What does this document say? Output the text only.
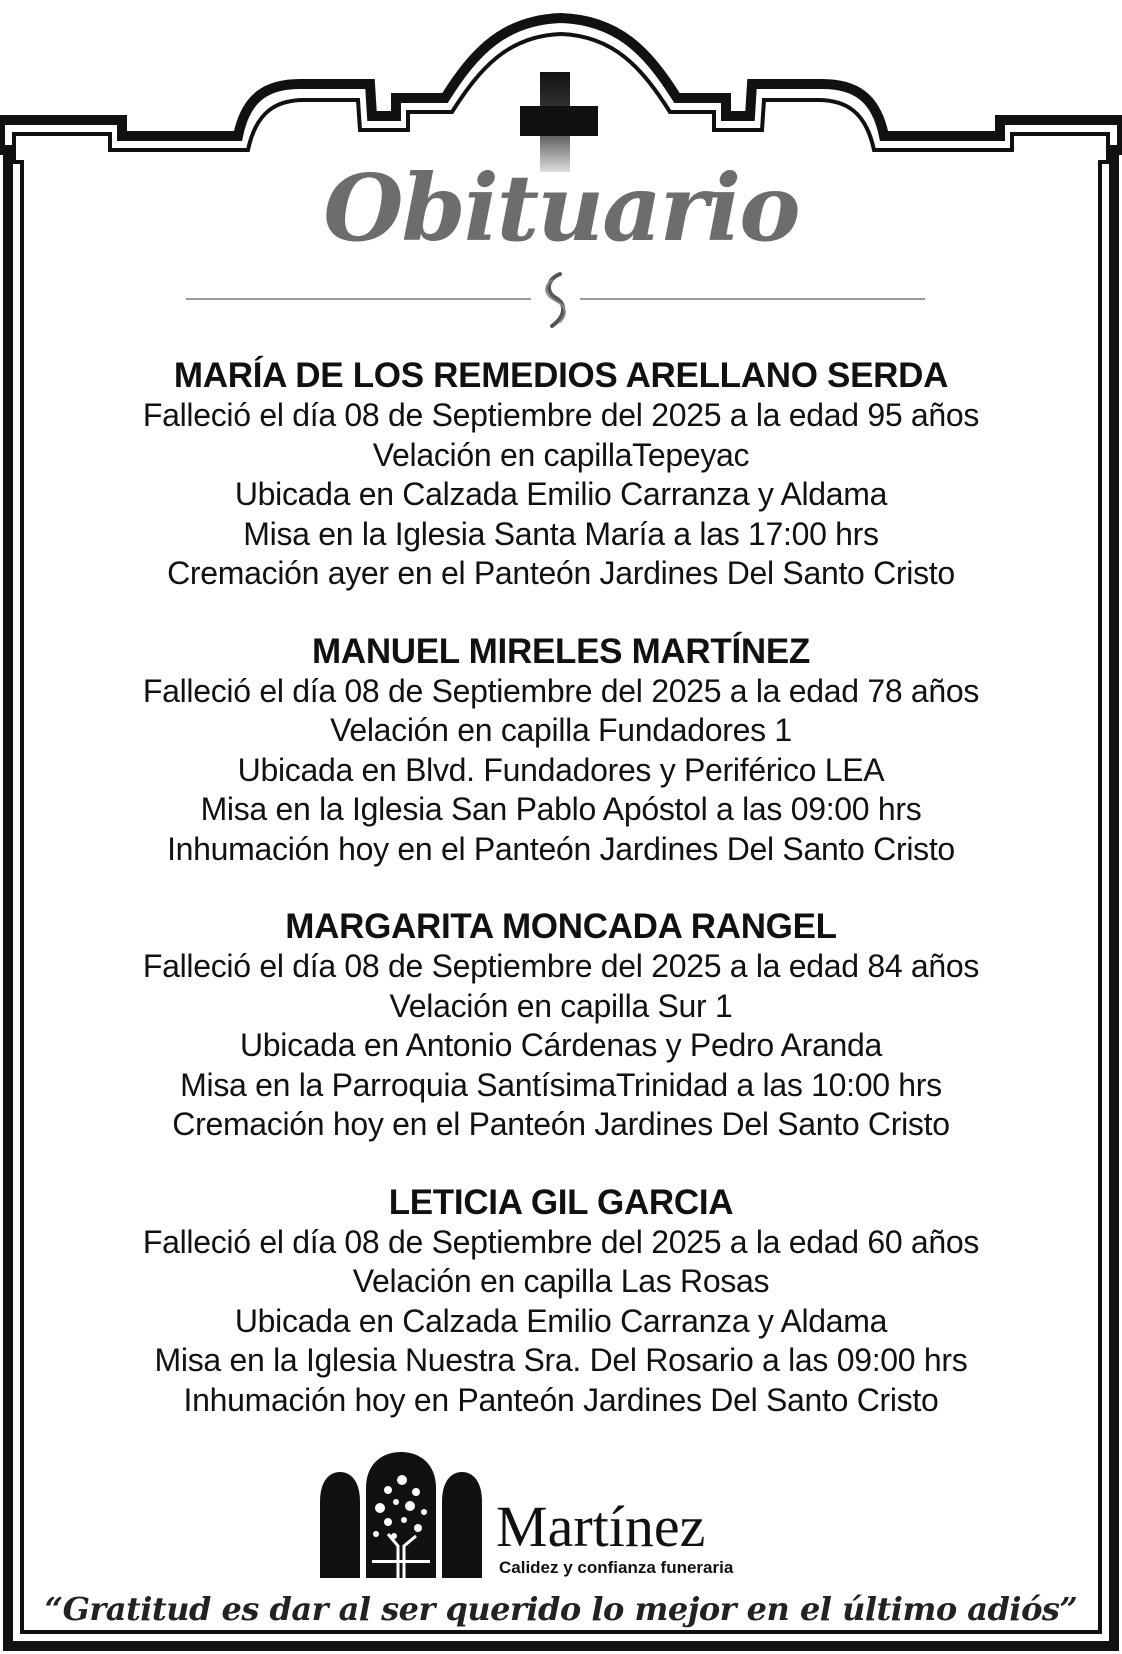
Obituario
MARÍA DE LOS REMEDIOS ARELLANO SERDA
Falleció el día 08 de Septiembre del 2025 a la edad 95 años
Velación en capillaTepeyac
Ubicada en Calzada Emilio Carranza y Aldama
Misa en la Iglesia Santa María a las 17:00 hrs
Cremación ayer en el Panteón Jardines Del Santo Cristo
MANUEL MIRELES MARTÍNEZ
Falleció el día 08 de Septiembre del 2025 a la edad 78 años
Velación en capilla Fundadores 1
Ubicada en Blvd. Fundadores y Periférico LEA
Misa en la Iglesia San Pablo Apóstol a las 09:00 hrs
Inhumación hoy en el Panteón Jardines Del Santo Cristo
MARGARITA MONCADA RANGEL
Falleció el día 08 de Septiembre del 2025 a la edad 84 años
Velación en capilla Sur 1
Ubicada en Antonio Cárdenas y Pedro Aranda
Misa en la Parroquia SantísimaTrinidad a las 10:00 hrs
Cremación hoy en el Panteón Jardines Del Santo Cristo
LETICIA GIL GARCIA
Falleció el día 08 de Septiembre del 2025 a la edad 60 años
Velación en capilla Las Rosas
Ubicada en Calzada Emilio Carranza y Aldama
Misa en la Iglesia Nuestra Sra. Del Rosario a las 09:00 hrs
Inhumación hoy en Panteón Jardines Del Santo Cristo
Martínez
Calidez y confianza funeraria
“Gratitud es dar al ser querido lo mejor en el último adiós”
